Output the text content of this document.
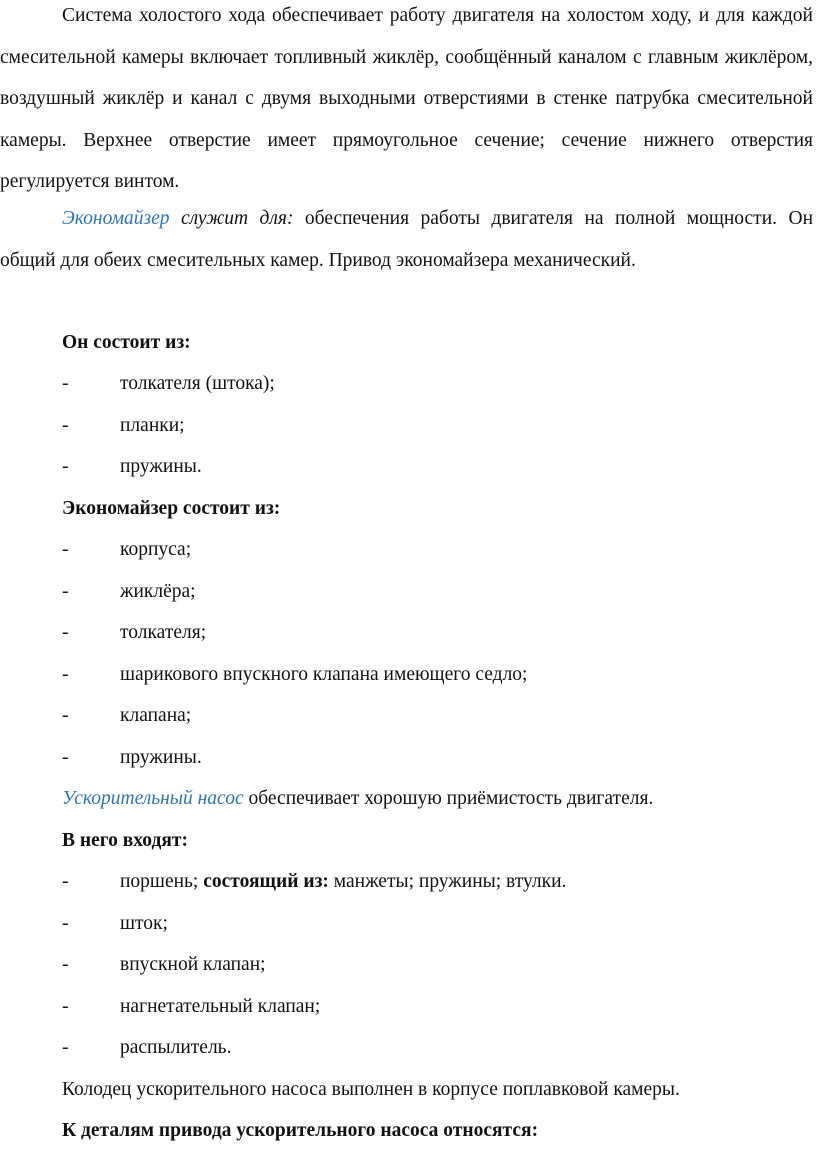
Система холостого хода обеспечивает работу двигателя на холостом ходу, и для каждой смесительной камеры включает топливный жиклёр, сообщённый каналом с главным жиклёром, воздушный жиклёр и канал с двумя выходными отверстиями в стенке патрубка смесительной камеры. Верхнее отверстие имеет прямоугольное сечение; сечение нижнего отверстия регулируется винтом.

Экономайзер служит для: обеспечения работы двигателя на полной мощности. Он общий для обеих смесительных камер. Привод экономайзера механический.

Он состоит из:

-	толкателя (штока);

-	планки;

-	пружины.

Экономайзер состоит из:

-	корпуса;

-	жиклёра;

-	толкателя;

-	шарикового впускного клапана имеющего седло;

-	клапана;

-	пружины.

Ускорительный насос обеспечивает хорошую приёмистость двигателя.

В него входят:

-	поршень; состоящий из: манжеты; пружины; втулки.

-	шток;

-	впускной клапан;

-	нагнетательный клапан;

-	распылитель.

Колодец ускорительного насоса выполнен в корпусе поплавковой камеры.

К деталям привода ускорительного насоса относятся:
